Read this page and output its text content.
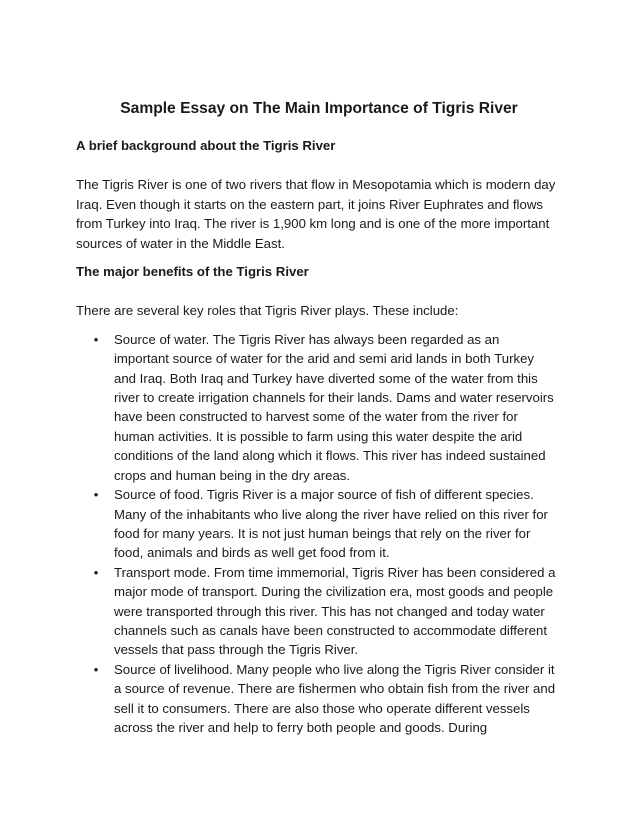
Sample Essay on The Main Importance of Tigris River

A brief background about the Tigris River

The Tigris River is one of two rivers that flow in Mesopotamia which is modern day Iraq. Even though it starts on the eastern part, it joins River Euphrates and flows from Turkey into Iraq. The river is 1,900 km long and is one of the more important sources of water in the Middle East.

The major benefits of the Tigris River

There are several key roles that Tigris River plays. These include:

• Source of water. The Tigris River has always been regarded as an important source of water for the arid and semi arid lands in both Turkey and Iraq. Both Iraq and Turkey have diverted some of the water from this river to create irrigation channels for their lands. Dams and water reservoirs have been constructed to harvest some of the water from the river for human activities. It is possible to farm using this water despite the arid conditions of the land along which it flows. This river has indeed sustained crops and human being in the dry areas.
• Source of food. Tigris River is a major source of fish of different species. Many of the inhabitants who live along the river have relied on this river for food for many years. It is not just human beings that rely on the river for food, animals and birds as well get food from it.
• Transport mode. From time immemorial, Tigris River has been considered a major mode of transport. During the civilization era, most goods and people were transported through this river. This has not changed and today water channels such as canals have been constructed to accommodate different vessels that pass through the Tigris River.
• Source of livelihood. Many people who live along the Tigris River consider it a source of revenue. There are fishermen who obtain fish from the river and sell it to consumers. There are also those who operate different vessels across the river and help to ferry both people and goods. During
